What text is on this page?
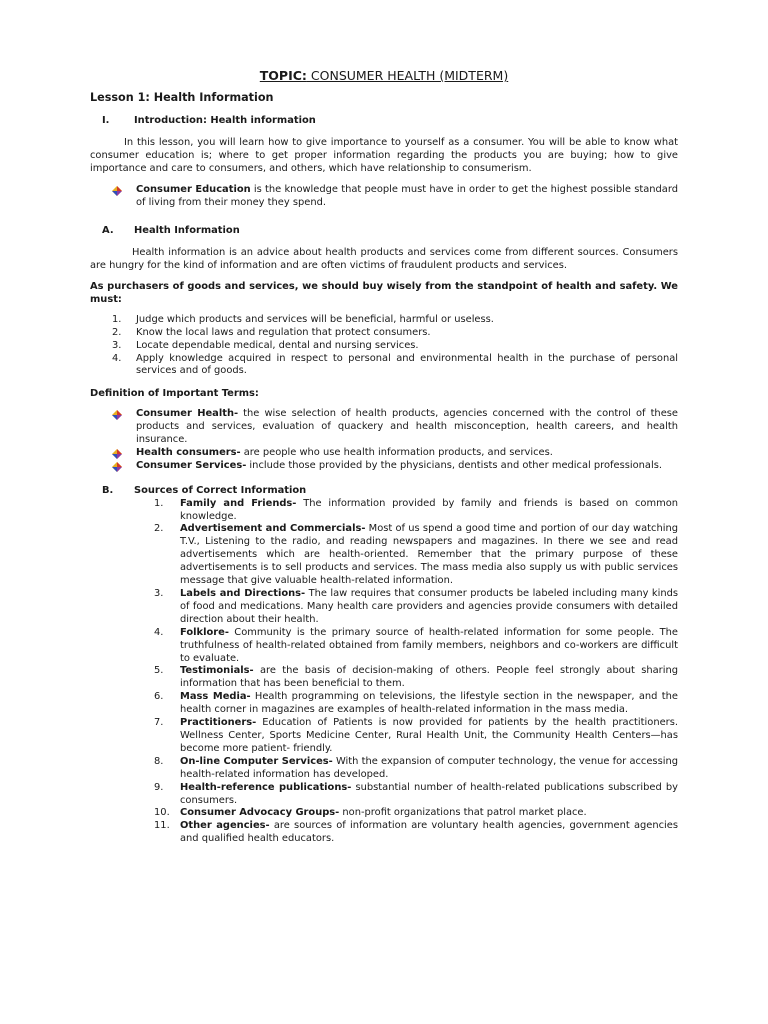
TOPIC: CONSUMER HEALTH (MIDTERM)
Lesson 1: Health Information
I.	Introduction: Health information

In this lesson, you will learn how to give importance to yourself as a consumer. You will be able to know what consumer education is; where to get proper information regarding the products you are buying; how to give importance and care to consumers, and others, which have relationship to consumerism.

Consumer Education is the knowledge that people must have in order to get the highest possible standard of living from their money they spend.
A.	Health Information

Health information is an advice about health products and services come from different sources. Consumers are hungry for the kind of information and are often victims of fraudulent products and services.

As purchasers of goods and services, we should buy wisely from the standpoint of health and safety. We must:

1.	Judge which products and services will be beneficial, harmful or useless.
2.	Know the local laws and regulation that protect consumers.
3.	Locate dependable medical, dental and nursing services.
4.	Apply knowledge acquired in respect to personal and environmental health in the purchase of personal services and of goods.
Definition of Important Terms:
Consumer Health- the wise selection of health products, agencies concerned with the control of these products and services, evaluation of quackery and health misconception, health careers, and health insurance.
Health consumers- are people who use health information products, and services.
Consumer Services- include those provided by the physicians, dentists and other medical professionals.
B.	Sources of Correct Information
1.	Family and Friends- The information provided by family and friends is based on common knowledge.
2.	Advertisement and Commercials- Most of us spend a good time and portion of our day watching T.V., Listening to the radio, and reading newspapers and magazines. In there we see and read advertisements which are health-oriented. Remember that the primary purpose of these advertisements is to sell products and services. The mass media also supply us with public services message that give valuable health-related information.
3.	Labels and Directions- The law requires that consumer products be labeled including many kinds of food and medications. Many health care providers and agencies provide consumers with detailed direction about their health.
4.	Folklore- Community is the primary source of health-related information for some people. The truthfulness of health-related obtained from family members, neighbors and co-workers are difficult to evaluate.
5.	Testimonials- are the basis of decision-making of others. People feel strongly about sharing information that has been beneficial to them.
6.	Mass Media- Health programming on televisions, the lifestyle section in the newspaper, and the health corner in magazines are examples of health-related information in the mass media.
7.	Practitioners- Education of Patients is now provided for patients by the health practitioners. Wellness Center, Sports Medicine Center, Rural Health Unit, the Community Health Centers—has become more patient- friendly.
8.	On-line Computer Services- With the expansion of computer technology, the venue for accessing health-related information has developed.
9.	Health-reference publications- substantial number of health-related publications subscribed by consumers.
10.	Consumer Advocacy Groups- non-profit organizations that patrol market place.
11.	Other agencies- are sources of information are voluntary health agencies, government agencies and qualified health educators.
